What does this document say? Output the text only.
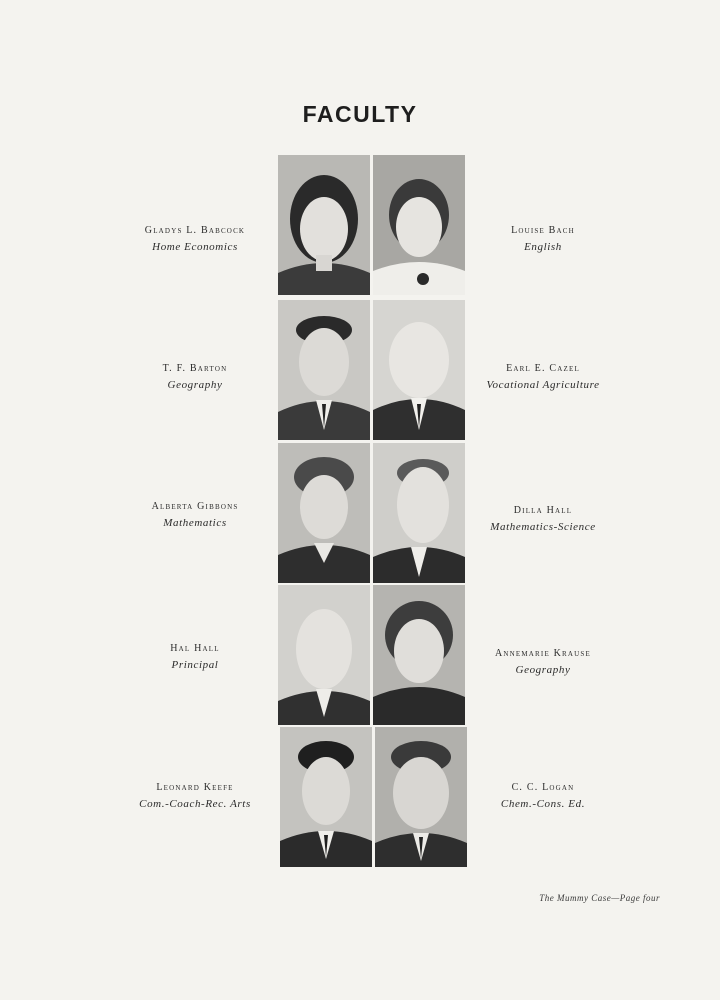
FACULTY
Gladys L. Babcock
Home Economics
Louise Bach
English
T. F. Barton
Geography
Earl E. Cazel
Vocational Agriculture
Alberta Gibbons
Mathematics
Dilla Hall
Mathematics-Science
Hal Hall
Principal
Annemarie Krause
Geography
Leonard Keefe
Com.-Coach-Rec. Arts
C. C. Logan
Chem.-Cons. Ed.
The Mummy Case—Page four
